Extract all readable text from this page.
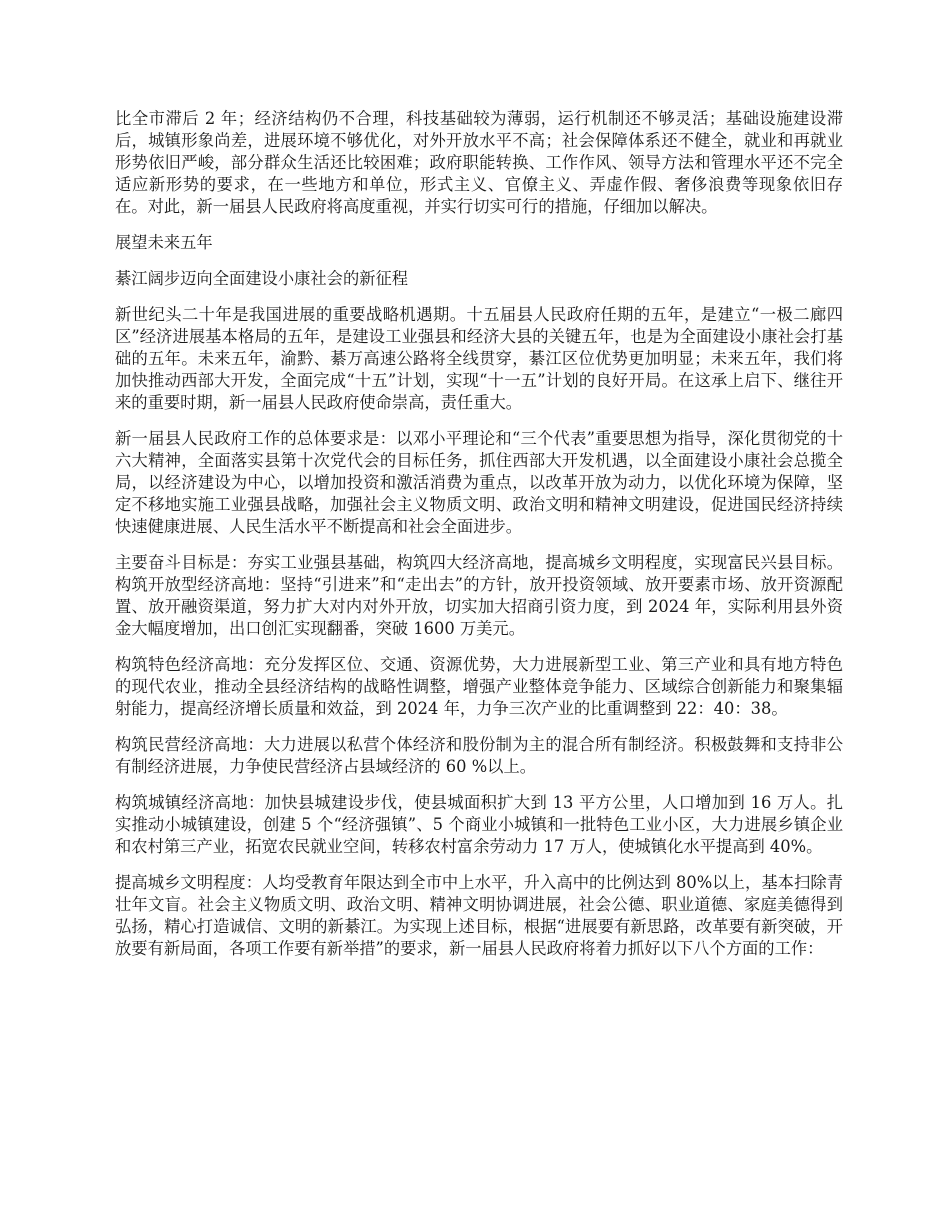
比全市滞后 2 年；经济结构仍不合理，科技基础较为薄弱，运行机制还不够灵活；基础设施建设滞后，城镇形象尚差，进展环境不够优化，对外开放水平不高；社会保障体系还不健全，就业和再就业形势依旧严峻，部分群众生活还比较困难；政府职能转换、工作作风、领导方法和管理水平还不完全适应新形势的要求，在一些地方和单位，形式主义、官僚主义、弄虚作假、奢侈浪费等现象依旧存在。对此，新一届县人民政府将高度重视，并实行切实可行的措施，仔细加以解决。

展望未来五年

綦江阔步迈向全面建设小康社会的新征程

新世纪头二十年是我国进展的重要战略机遇期。十五届县人民政府任期的五年，是建立“一极二廊四区”经济进展基本格局的五年，是建设工业强县和经济大县的关键五年，也是为全面建设小康社会打基础的五年。未来五年，渝黔、綦万高速公路将全线贯穿，綦江区位优势更加明显；未来五年，我们将加快推动西部大开发，全面完成“十五”计划，实现“十一五”计划的良好开局。在这承上启下、继往开来的重要时期，新一届县人民政府使命崇高，责任重大。

新一届县人民政府工作的总体要求是：以邓小平理论和“三个代表”重要思想为指导，深化贯彻党的十六大精神，全面落实县第十次党代会的目标任务，抓住西部大开发机遇，以全面建设小康社会总揽全局，以经济建设为中心，以增加投资和激活消费为重点，以改革开放为动力，以优化环境为保障，坚定不移地实施工业强县战略，加强社会主义物质文明、政治文明和精神文明建设，促进国民经济持续快速健康进展、人民生活水平不断提高和社会全面进步。

主要奋斗目标是：夯实工业强县基础，构筑四大经济高地，提高城乡文明程度，实现富民兴县目标。构筑开放型经济高地：坚持“引进来”和“走出去”的方针，放开投资领域、放开要素市场、放开资源配置、放开融资渠道，努力扩大对内对外开放，切实加大招商引资力度，到 2024 年，实际利用县外资金大幅度增加，出口创汇实现翻番，突破 1600 万美元。

构筑特色经济高地：充分发挥区位、交通、资源优势，大力进展新型工业、第三产业和具有地方特色的现代农业，推动全县经济结构的战略性调整，增强产业整体竞争能力、区域综合创新能力和聚集辐射能力，提高经济增长质量和效益，到 2024 年，力争三次产业的比重调整到 22：40：38。

构筑民营经济高地：大力进展以私营个体经济和股份制为主的混合所有制经济。积极鼓舞和支持非公有制经济进展，力争使民营经济占县域经济的 60 %以上。

构筑城镇经济高地：加快县城建设步伐，使县城面积扩大到 13 平方公里，人口增加到 16 万人。扎实推动小城镇建设，创建 5 个“经济强镇”、5 个商业小城镇和一批特色工业小区，大力进展乡镇企业和农村第三产业，拓宽农民就业空间，转移农村富余劳动力 17 万人，使城镇化水平提高到 40%。

提高城乡文明程度：人均受教育年限达到全市中上水平，升入高中的比例达到 80%以上，基本扫除青壮年文盲。社会主义物质文明、政治文明、精神文明协调进展，社会公德、职业道德、家庭美德得到弘扬，精心打造诚信、文明的新綦江。为实现上述目标，根据“进展要有新思路，改革要有新突破，开放要有新局面，各项工作要有新举措”的要求，新一届县人民政府将着力抓好以下八个方面的工作：
